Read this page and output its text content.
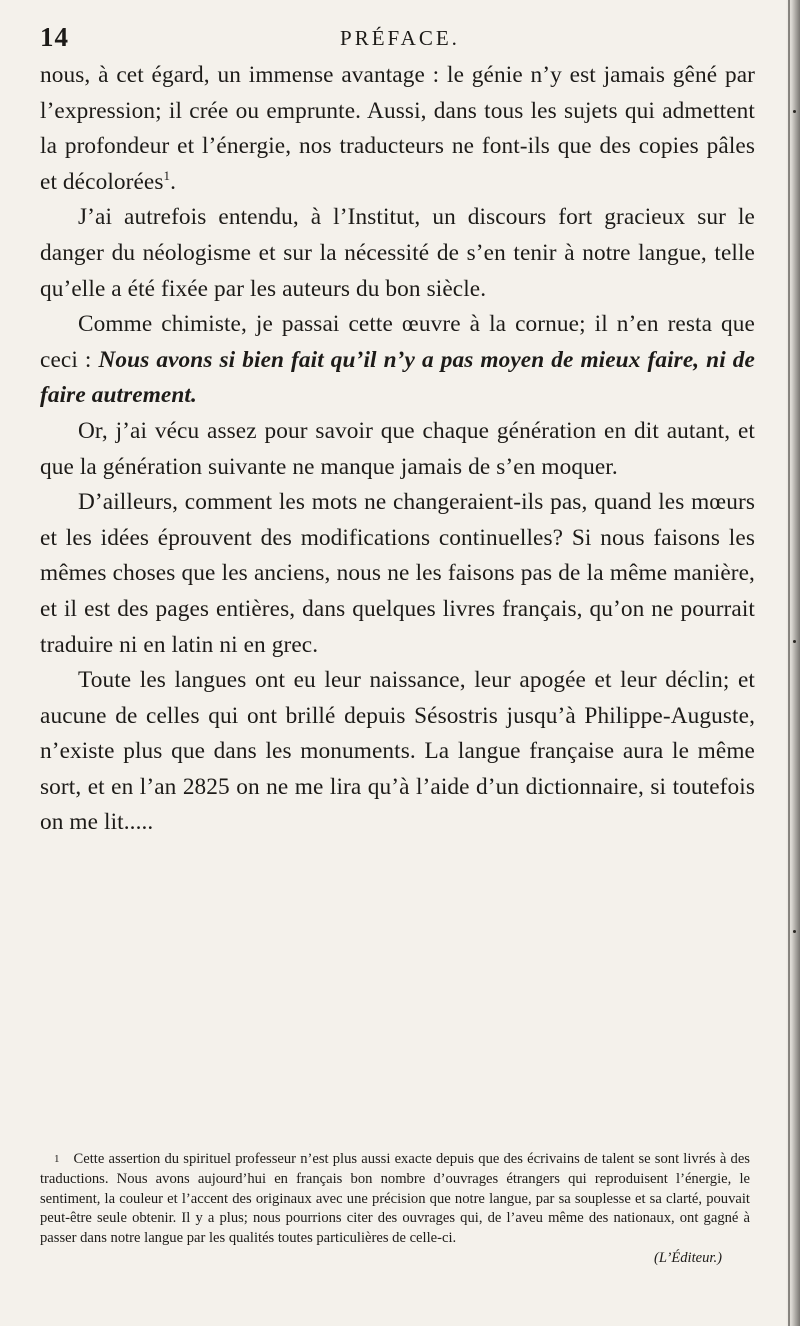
14	PRÉFACE.

nous, à cet égard, un immense avantage : le génie n’y est jamais gêné par l’expression; il crée ou emprunte. Aussi, dans tous les sujets qui admettent la profondeur et l’énergie, nos traducteurs ne font-ils que des copies pâles et décolorées$^1$.

J’ai autrefois entendu, à l’Institut, un discours fort gracieux sur le danger du néologisme et sur la nécessité de s’en tenir à notre langue, telle qu’elle a été fixée par les auteurs du bon siècle.

Comme chimiste, je passai cette œuvre à la cornue; il n’en resta que ceci : Nous avons si bien fait qu’il n’y a pas moyen de mieux faire, ni de faire autrement.

Or, j’ai vécu assez pour savoir que chaque génération en dit autant, et que la génération suivante ne manque jamais de s’en moquer.

D’ailleurs, comment les mots ne changeraient-ils pas, quand les mœurs et les idées éprouvent des modifications continuelles? Si nous faisons les mêmes choses que les anciens, nous ne les faisons pas de la même manière, et il est des pages entières, dans quelques livres français, qu’on ne pourrait traduire ni en latin ni en grec.

Toute les langues ont eu leur naissance, leur apogée et leur déclin; et aucune de celles qui ont brillé depuis Sésostris jusqu’à Philippe-Auguste, n’existe plus que dans les monuments. La langue française aura le même sort, et en l’an 2825 on ne me lira qu’à l’aide d’un dictionnaire, si toutefois on me lit.....

1 Cette assertion du spirituel professeur n’est plus aussi exacte depuis que des écrivains de talent se sont livrés à des traductions. Nous avons aujourd’hui en français bon nombre d’ouvrages étrangers qui reproduisent l’énergie, le sentiment, la couleur et l’accent des originaux avec une précision que notre langue, par sa souplesse et sa clarté, pouvait peut-être seule obtenir. Il y a plus; nous pourrions citer des ouvrages qui, de l’aveu même des nationaux, ont gagné à passer dans notre langue par les qualités toutes particulières de celle-ci.

(L’Éditeur.)
